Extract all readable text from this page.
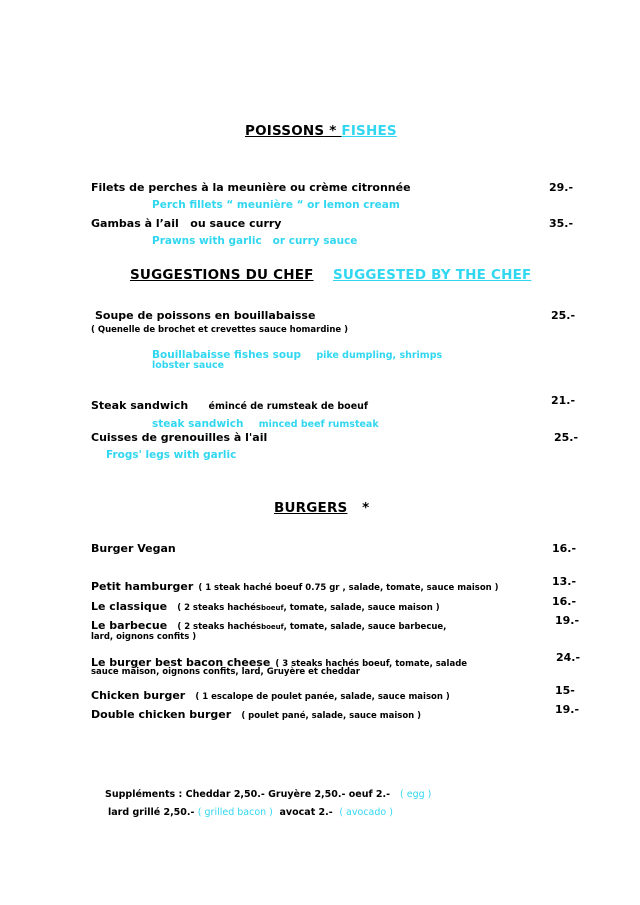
POISSONS * FISHES
Filets de perches à la meunière ou crème citronnée	29.-
Perch fillets “ meunière “ or lemon cream
Gambas à l’ail ou sauce curry	35.-
Prawns with garlic or curry sauce
SUGGESTIONS DU CHEF SUGGESTED BY THE CHEF
Soupe de poissons en bouillabaisse	25.-
( Quenelle de brochet et crevettes sauce homardine )
Bouillabaisse fishes soup pike dumpling, shrimps
lobster sauce
Steak sandwich émincé de rumsteak de boeuf	21.-
steak sandwich minced beef rumsteak
Cuisses de grenouilles à l'ail	25.-
Frogs' legs with garlic
BURGERS *
Burger Vegan	16.-
Petit hamburger ( 1 steak haché boeuf 0.75 gr , salade, tomate, sauce maison )	13.-
Le classique ( 2 steaks hachésboeuf, tomate, salade, sauce maison )	16.-
Le barbecue ( 2 steaks hachésboeuf, tomate, salade, sauce barbecue,	19.-
lard, oignons confits )
Le burger best bacon cheese ( 3 steaks hachés boeuf, tomate, salade	24.-
sauce maison, oignons confits, lard, Gruyère et cheddar
Chicken burger ( 1 escalope de poulet panée, salade, sauce maison )	15-
Double chicken burger ( poulet pané, salade, sauce maison )	19.-
Suppléments : Cheddar 2,50.- Gruyère 2,50.- oeuf 2.- ( egg )
lard grillé 2,50.- ( grilled bacon ) avocat 2.- ( avocado )
